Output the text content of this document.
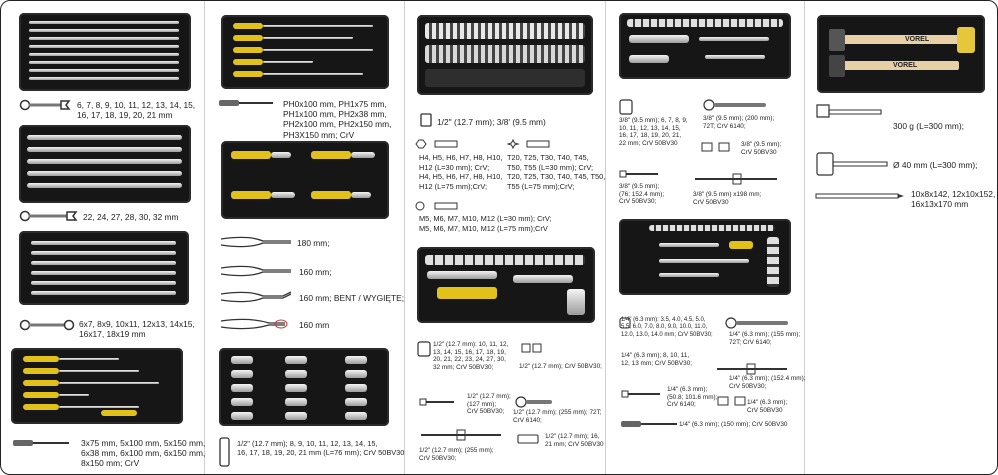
6, 7, 8, 9, 10, 11, 12, 13, 14, 15,
16, 17, 18, 19, 20, 21 mm
22, 24, 27, 28, 30, 32 mm
6x7, 8x9, 10x11, 12x13, 14x15,
16x17, 18x19 mm
3x75 mm, 5x100 mm, 5x150 mm,
6x38 mm, 6x100 mm, 6x150 mm,
8x150 mm; CrV
PH0x100 mm, PH1x75 mm,
PH1x100 mm, PH2x38 mm,
PH2x100 mm, PH2x150 mm,
PH3X150 mm; CrV
180 mm;
160 mm;
160 mm; BENT / WYGIĘTE;
160 mm
1/2" (12.7 mm); 8, 9, 10, 11, 12, 13, 14, 15,
16, 17, 18, 19, 20, 21 mm (L=76 mm); CrV 50BV30
1/2" (12.7 mm); 3/8' (9.5 mm)
H4, H5, H6, H7, H8, H10,
H12 (L=30 mm); CrV;
H4, H5, H6, H7, H8, H10,
H12 (L=75 mm);CrV;
T20, T25, T30, T40, T45,
T50, T55 (L=30 mm); CrV;
T20, T25, T30, T40, T45, T50,
T55 (L=75 mm);CrV;
M5, M6, M7, M10, M12 (L=30 mm); CrV;
M5, M6, M7, M10, M12 (L=75 mm);CrV
1/2" (12.7 mm): 10, 11, 12,
13, 14, 15, 16, 17, 18, 19,
20, 21, 22, 23, 24, 27, 30,
32 mm; CrV 50BV30;	1/2" (12.7 mm); CrV 50BV30;
1/2" (12.7 mm);
(127 mm);
CrV 50BV30;	1/2" (12.7 mm); (255 mm); 72T;
CrV 6140;
1/2" (12.7 mm); (255 mm);
CrV 50BV30;
1/2" (12.7 mm); 16,
21 mm; CrV 50BV30
3/8" (9.5 mm); 6, 7, 8, 9,
10, 11, 12, 13, 14, 15,
16, 17, 18, 19, 20, 21,
22 mm; CrV 50BV30
3/8" (9.5 mm); (200 mm);
72T; CrV 6140;
3/8" (9.5 mm);
CrV 50BV30
3/8" (9.5 mm);
(76; 152.4 mm);
CrV 50BV30;
3/8" (9.5 mm) x198 mm;
CrV 50BV30
1/4" (6.3 mm): 3.5, 4.0, 4.5, 5.0,
5.5, 6.0, 7.0, 8.0, 9.0, 10.0, 11.0,
12.0, 13.0, 14.0 mm; CrV 50BV30;	1/4" (6.3 mm); (155 mm);
72T; CrV 6140;
1/4" (6.3 mm); 8, 10, 11,
12, 13 mm; CrV 50BV30;
1/4" (6.3 mm); (152.4 mm);
CrV 50BV30;
1/4" (6.3 mm);
(50.8; 101.6 mm);
CrV 6140;	1/4" (6.3 mm);
CrV 50BV30
1/4" (6.3 mm); (150 mm); CrV 50BV30
VOREL
VOREL
300 g (L=300 mm);
Ø 40 mm (L=300 mm);
10x8x142, 12x10x152,
16x13x170 mm
